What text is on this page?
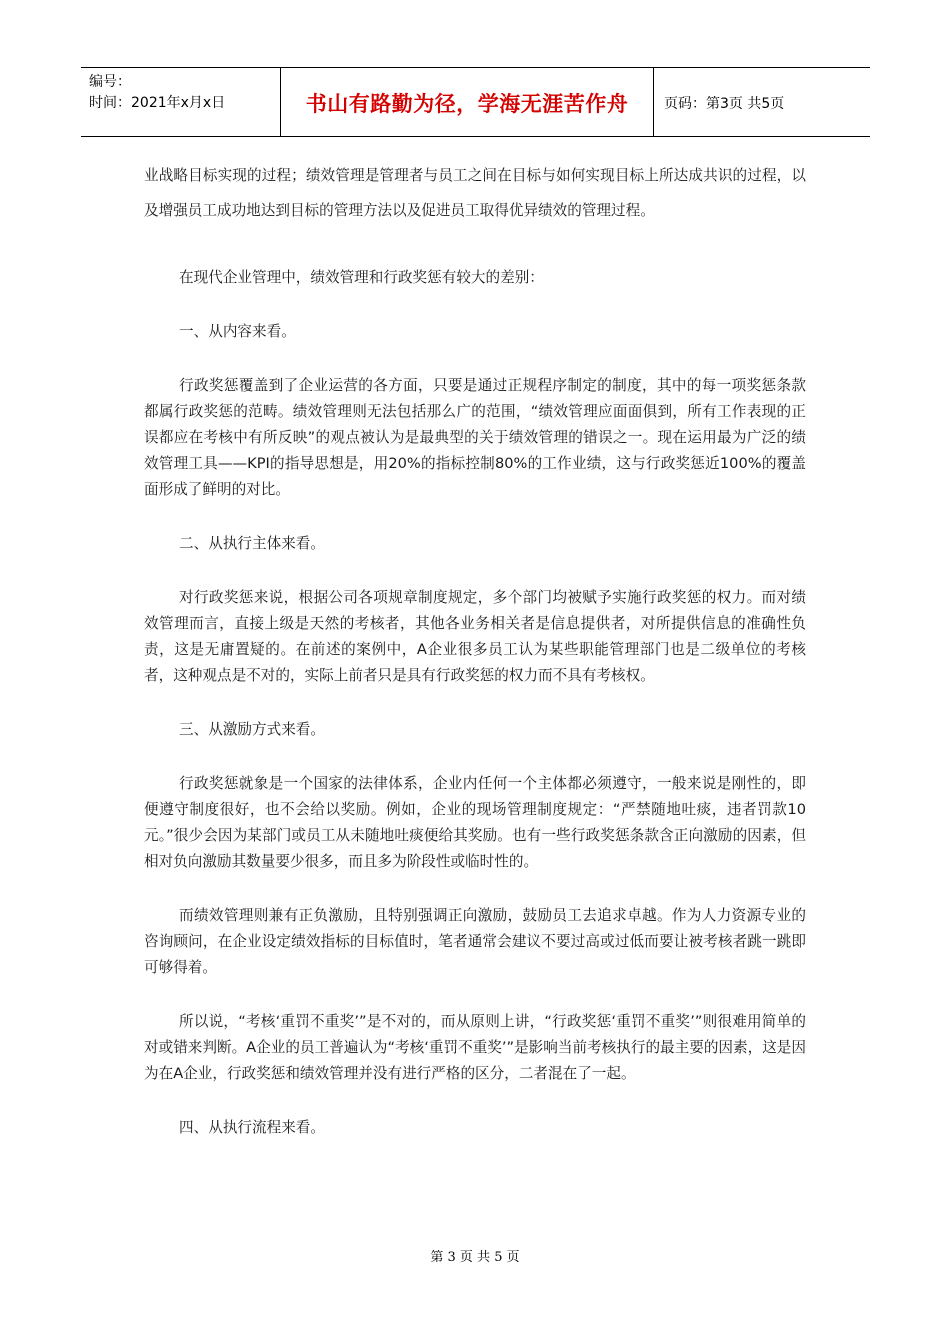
编号：
时间：2021年x月x日	书山有路勤为径，学海无涯苦作舟	页码：第3页 共5页

业战略目标实现的过程；绩效管理是管理者与员工之间在目标与如何实现目标上所达成共识的过程，以及增强员工成功地达到目标的管理方法以及促进员工取得优异绩效的管理过程。

在现代企业管理中，绩效管理和行政奖惩有较大的差别：

一、从内容来看。

行政奖惩覆盖到了企业运营的各方面，只要是通过正规程序制定的制度，其中的每一项奖惩条款都属行政奖惩的范畴。绩效管理则无法包括那么广的范围，“绩效管理应面面俱到，所有工作表现的正误都应在考核中有所反映”的观点被认为是最典型的关于绩效管理的错误之一。现在运用最为广泛的绩效管理工具——KPI的指导思想是，用20%的指标控制80%的工作业绩，这与行政奖惩近100%的覆盖面形成了鲜明的对比。

二、从执行主体来看。

对行政奖惩来说，根据公司各项规章制度规定，多个部门均被赋予实施行政奖惩的权力。而对绩效管理而言，直接上级是天然的考核者，其他各业务相关者是信息提供者，对所提供信息的准确性负责，这是无庸置疑的。在前述的案例中，A企业很多员工认为某些职能管理部门也是二级单位的考核者，这种观点是不对的，实际上前者只是具有行政奖惩的权力而不具有考核权。

三、从激励方式来看。

行政奖惩就象是一个国家的法律体系，企业内任何一个主体都必须遵守，一般来说是刚性的，即便遵守制度很好，也不会给以奖励。例如，企业的现场管理制度规定：“严禁随地吐痰，违者罚款10元。”很少会因为某部门或员工从未随地吐痰便给其奖励。也有一些行政奖惩条款含正向激励的因素，但相对负向激励其数量要少很多，而且多为阶段性或临时性的。

而绩效管理则兼有正负激励，且特别强调正向激励，鼓励员工去追求卓越。作为人力资源专业的咨询顾问，在企业设定绩效指标的目标值时，笔者通常会建议不要过高或过低而要让被考核者跳一跳即可够得着。

所以说，“考核‘重罚不重奖’”是不对的，而从原则上讲，“行政奖惩‘重罚不重奖’”则很难用简单的对或错来判断。A企业的员工普遍认为“考核‘重罚不重奖’”是影响当前考核执行的最主要的因素，这是因为在A企业，行政奖惩和绩效管理并没有进行严格的区分，二者混在了一起。

四、从执行流程来看。

第 3 页 共 5 页
